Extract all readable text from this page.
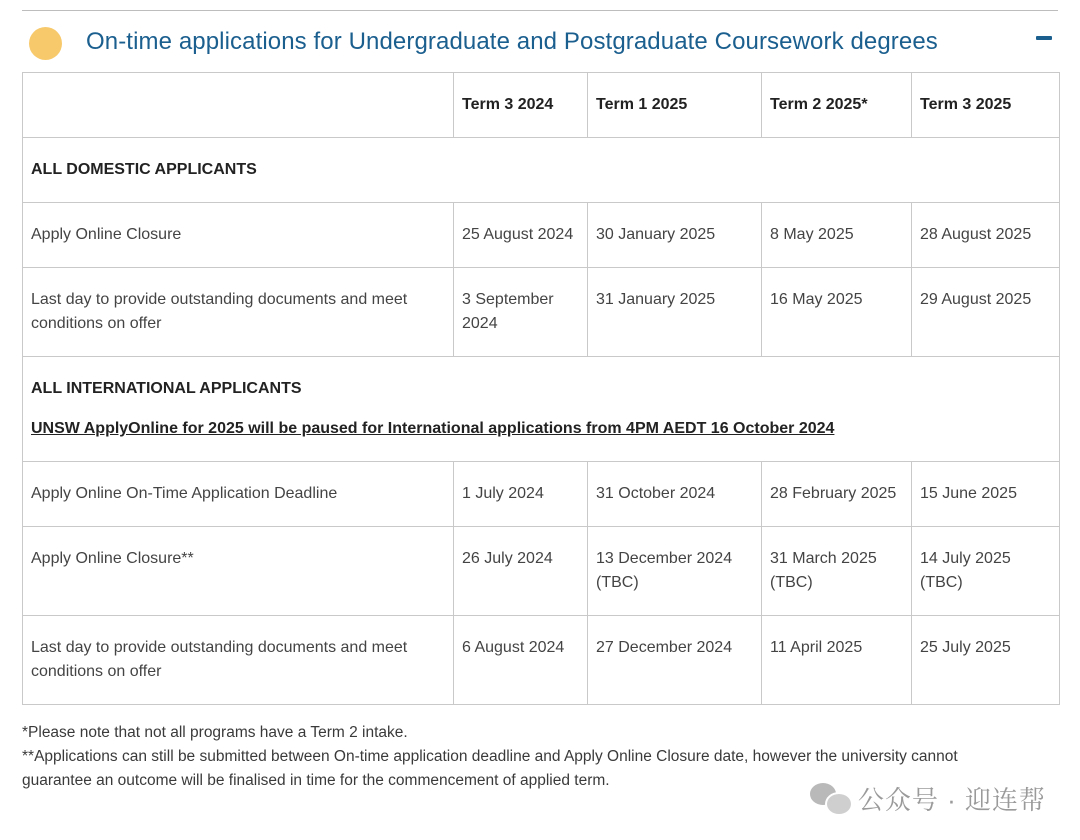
On-time applications for Undergraduate and Postgraduate Coursework degrees
	Term 3 2024	Term 1 2025	Term 2 2025*	Term 3 2025
ALL DOMESTIC APPLICANTS				
Apply Online Closure	25 August 2024	30 January 2025	8 May 2025	28 August 2025
Last day to provide outstanding documents and meet conditions on offer	3 September 2024	31 January 2025	16 May 2025	29 August 2025
ALL INTERNATIONAL APPLICANTS
UNSW ApplyOnline for 2025 will be paused for International applications from 4PM AEDT 16 October 2024				

Apply Online On-Time Application Deadline	1 July 2024	31 October 2024	28 February 2025	15 June 2025
Apply Online Closure**	26 July 2024	13 December 2024 (TBC)	31 March 2025 (TBC)	14 July 2025 (TBC)
Last day to provide outstanding documents and meet conditions on offer	6 August 2024	27 December 2024	11 April 2025	25 July 2025

*Please note that not all programs have a Term 2 intake.

**Applications can still be submitted between On-time application deadline and Apply Online Closure date, however the university cannot guarantee an outcome will be finalised in time for the commencement of applied term.

公众号 · 迎连帮
